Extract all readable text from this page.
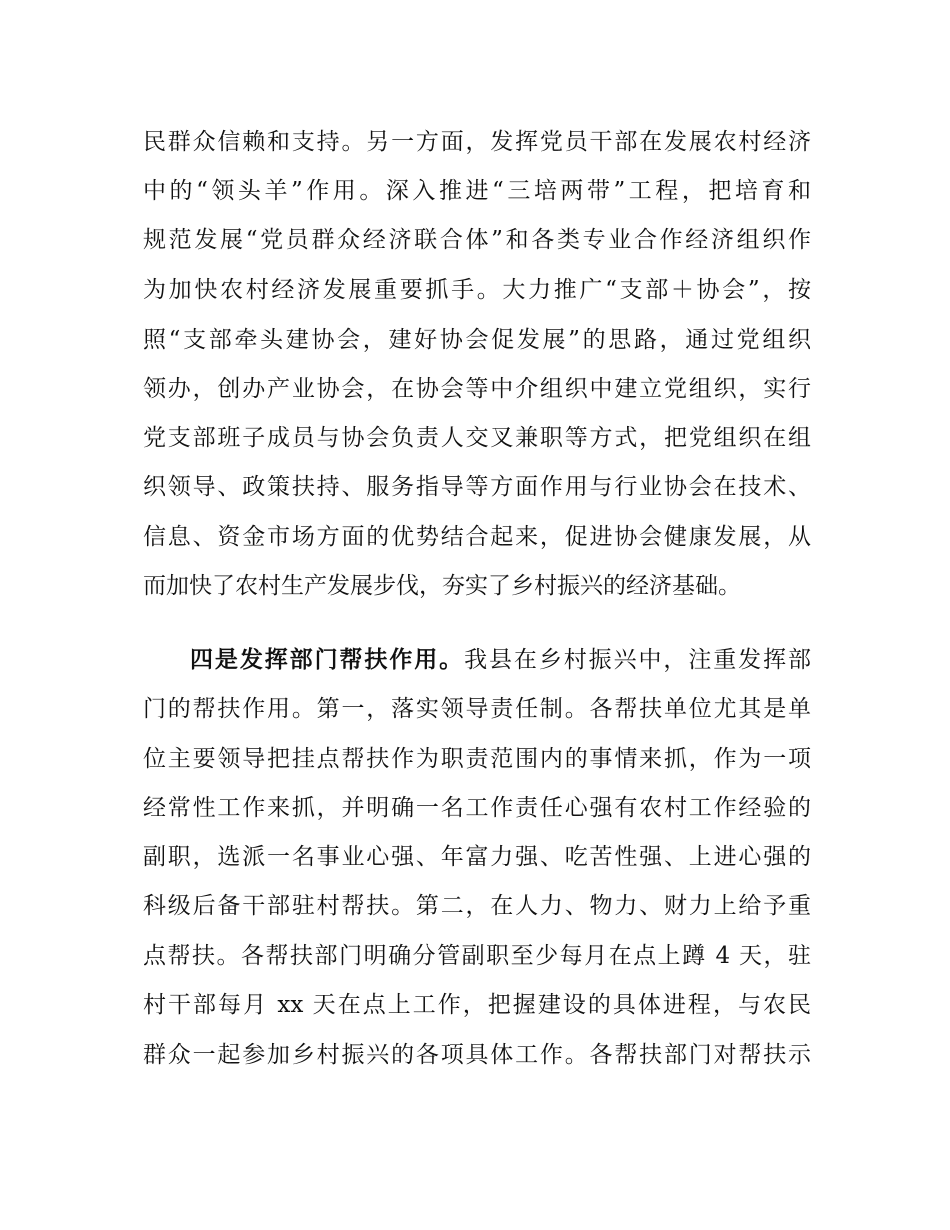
民群众信赖和支持。另一方面，发挥党员干部在发展农村经济
中的“领头羊”作用。深入推进“三培两带”工程，把培育和
规范发展“党员群众经济联合体”和各类专业合作经济组织作
为加快农村经济发展重要抓手。大力推广“支部＋协会”，按
照“支部牵头建协会，建好协会促发展”的思路，通过党组织
领办，创办产业协会，在协会等中介组织中建立党组织，实行
党支部班子成员与协会负责人交叉兼职等方式，把党组织在组
织领导、政策扶持、服务指导等方面作用与行业协会在技术、
信息、资金市场方面的优势结合起来，促进协会健康发展，从
而加快了农村生产发展步伐，夯实了乡村振兴的经济基础。
四是发挥部门帮扶作用。我县在乡村振兴中，注重发挥部
门的帮扶作用。第一，落实领导责任制。各帮扶单位尤其是单
位主要领导把挂点帮扶作为职责范围内的事情来抓，作为一项
经常性工作来抓，并明确一名工作责任心强有农村工作经验的
副职，选派一名事业心强、年富力强、吃苦性强、上进心强的
科级后备干部驻村帮扶。第二，在人力、物力、财力上给予重
点帮扶。各帮扶部门明确分管副职至少每月在点上蹲 4 天，驻
村干部每月 xx 天在点上工作，把握建设的具体进程，与农民
群众一起参加乡村振兴的各项具体工作。各帮扶部门对帮扶示
